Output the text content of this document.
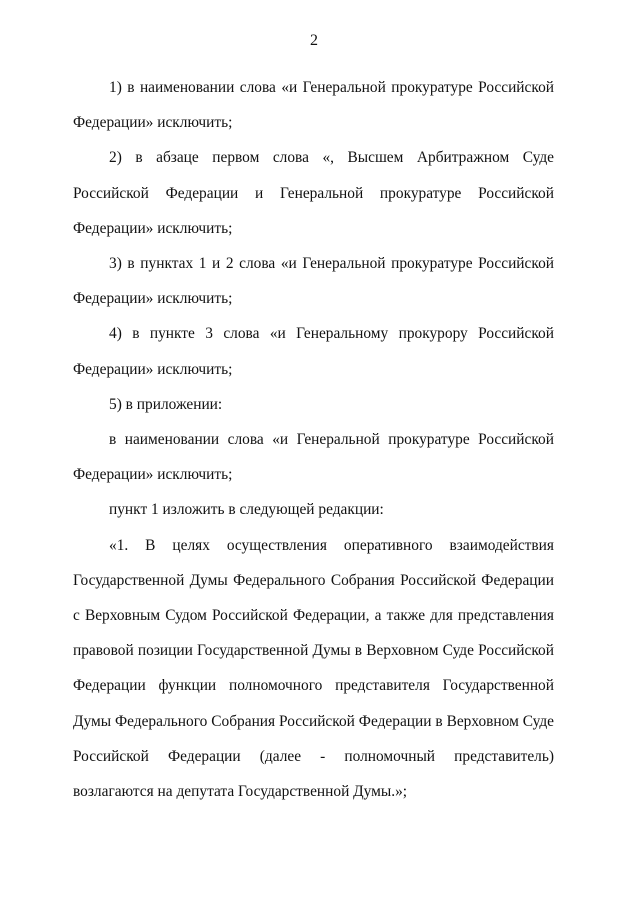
2

1) в наименовании слова «и Генеральной прокуратуре Российской Федерации» исключить;

2) в абзаце первом слова «, Высшем Арбитражном Суде Российской Федерации и Генеральной прокуратуре Российской Федерации» исключить;

3) в пунктах 1 и 2 слова «и Генеральной прокуратуре Российской Федерации» исключить;

4) в пункте 3 слова «и Генеральному прокурору Российской Федерации» исключить;

5) в приложении:

в наименовании слова «и Генеральной прокуратуре Российской Федерации» исключить;

пункт 1 изложить в следующей редакции:

«1. В целях осуществления оперативного взаимодействия Государственной Думы Федерального Собрания Российской Федерации с Верховным Судом Российской Федерации, а также для представления правовой позиции Государственной Думы в Верховном Суде Российской Федерации функции полномочного представителя Государственной Думы Федерального Собрания Российской Федерации в Верховном Суде Российской Федерации (далее - полномочный представитель) возлагаются на депутата Государственной Думы.»;
